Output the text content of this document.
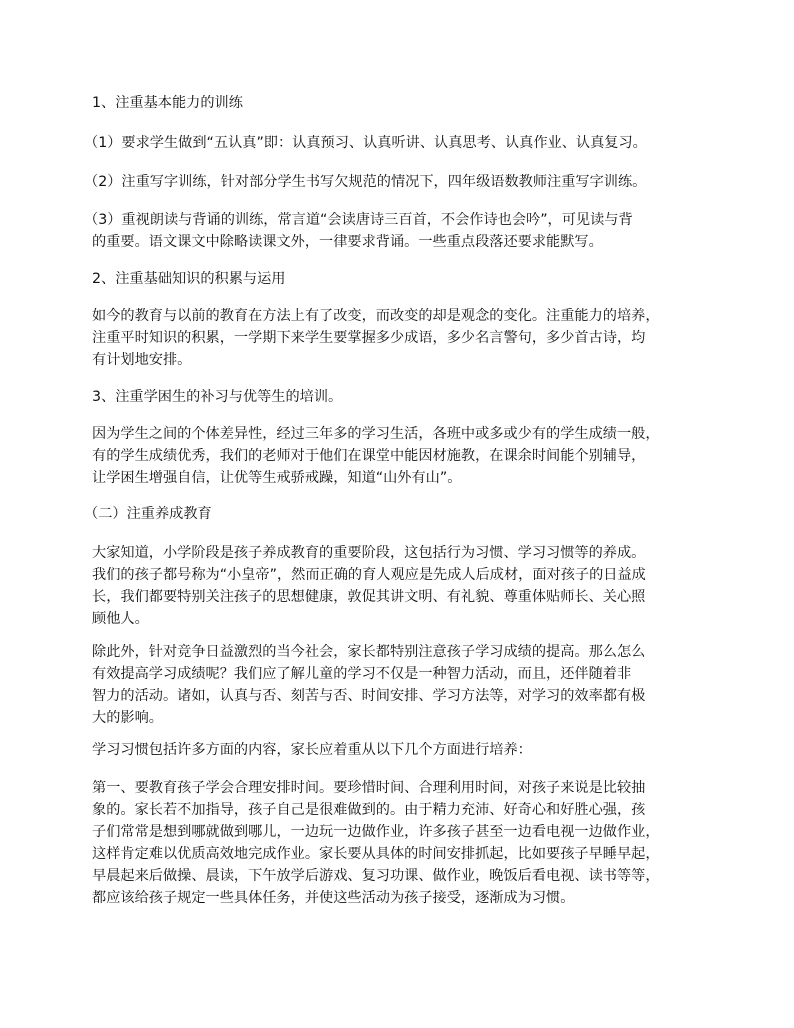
1、注重基本能力的训练
（1）要求学生做到“五认真”即：认真预习、认真听讲、认真思考、认真作业、认真复习。
（2）注重写字训练，针对部分学生书写欠规范的情况下，四年级语数教师注重写字训练。
（3）重视朗读与背诵的训练，常言道“会读唐诗三百首，不会作诗也会吟”，可见读与背
的重要。语文课文中除略读课文外，一律要求背诵。一些重点段落还要求能默写。
2、注重基础知识的积累与运用
如今的教育与以前的教育在方法上有了改变，而改变的却是观念的变化。注重能力的培养，
注重平时知识的积累，一学期下来学生要掌握多少成语，多少名言警句，多少首古诗，均
有计划地安排。
3、注重学困生的补习与优等生的培训。
因为学生之间的个体差异性，经过三年多的学习生活，各班中或多或少有的学生成绩一般，
有的学生成绩优秀，我们的老师对于他们在课堂中能因材施教，在课余时间能个别辅导，
让学困生增强自信，让优等生戒骄戒躁，知道“山外有山”。
（二）注重养成教育
大家知道，小学阶段是孩子养成教育的重要阶段，这包括行为习惯、学习习惯等的养成。
我们的孩子都号称为“小皇帝”，然而正确的育人观应是先成人后成材，面对孩子的日益成
长，我们都要特别关注孩子的思想健康，敦促其讲文明、有礼貌、尊重体贴师长、关心照
顾他人。
除此外，针对竞争日益激烈的当今社会，家长都特别注意孩子学习成绩的提高。那么怎么
有效提高学习成绩呢？我们应了解儿童的学习不仅是一种智力活动，而且，还伴随着非
智力的活动。诸如，认真与否、刻苦与否、时间安排、学习方法等，对学习的效率都有极
大的影响。
学习习惯包括许多方面的内容，家长应着重从以下几个方面进行培养：
第一、要教育孩子学会合理安排时间。要珍惜时间、合理利用时间，对孩子来说是比较抽
象的。家长若不加指导，孩子自己是很难做到的。由于精力充沛、好奇心和好胜心强，孩
子们常常是想到哪就做到哪儿，一边玩一边做作业，许多孩子甚至一边看电视一边做作业，
这样肯定难以优质高效地完成作业。家长要从具体的时间安排抓起，比如要孩子早睡早起，
早晨起来后做操、晨读，下午放学后游戏、复习功课、做作业，晚饭后看电视、读书等等，
都应该给孩子规定一些具体任务，并使这些活动为孩子接受，逐渐成为习惯。
